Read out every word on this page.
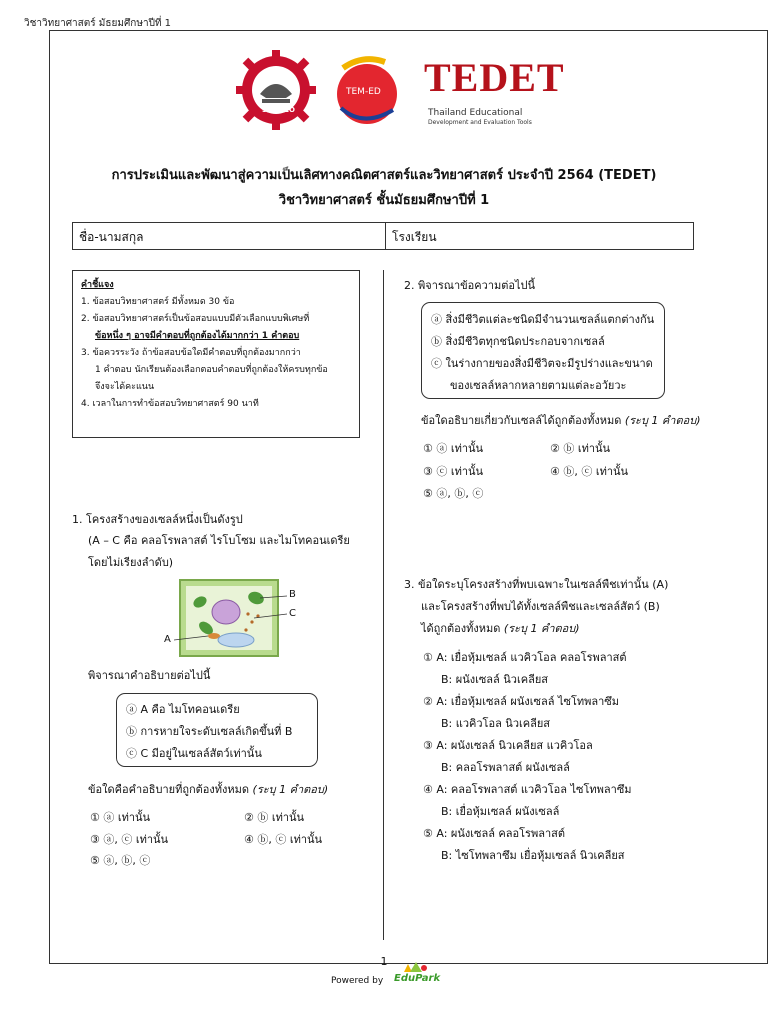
วิชาวิทยาศาสตร์ มัธยมศึกษาปีที่ 1
SEAMEO
TEM-ED TEDET
Thailand Educational
Development and Evaluation Tools
การประเมินและพัฒนาสู่ความเป็นเลิศทางคณิตศาสตร์และวิทยาศาสตร์ ประจำปี 2564 (TEDET)
วิชาวิทยาศาสตร์ ชั้นมัธยมศึกษาปีที่ 1
ชื่อ-นามสกุล	โรงเรียน
คำชี้แจง
1. ข้อสอบวิทยาศาสตร์ มีทั้งหมด 30 ข้อ
2. ข้อสอบวิทยาศาสตร์เป็นข้อสอบแบบมีตัวเลือกแบบพิเศษที่
ข้อหนึ่ง ๆ อาจมีคำตอบที่ถูกต้องได้มากกว่า 1 คำตอบ
3. ข้อควรระวัง ถ้าข้อสอบข้อใดมีคำตอบที่ถูกต้องมากกว่า
1 คำตอบ นักเรียนต้องเลือกตอบคำตอบที่ถูกต้องให้ครบทุกข้อ
จึงจะได้คะแนน
4. เวลาในการทำข้อสอบวิทยาศาสตร์ 90 นาที
1. โครงสร้างของเซลล์หนึ่งเป็นดังรูป
(A – C คือ คลอโรพลาสต์ ไรโบโซม และไมโทคอนเดรีย
โดยไม่เรียงลำดับ)
B
C
A
พิจารณาคำอธิบายต่อไปนี้
ⓐ A คือ ไมโทคอนเดรีย
ⓑ การหายใจระดับเซลล์เกิดขึ้นที่ B
ⓒ C มีอยู่ในเซลล์สัตว์เท่านั้น
ข้อใดคือคำอธิบายที่ถูกต้องทั้งหมด (ระบุ 1 คำตอบ)
① ⓐ เท่านั้น	② ⓑ เท่านั้น
③ ⓐ, ⓒ เท่านั้น	④ ⓑ, ⓒ เท่านั้น
⑤ ⓐ, ⓑ, ⓒ
2. พิจารณาข้อความต่อไปนี้
ⓐ สิ่งมีชีวิตแต่ละชนิดมีจำนวนเซลล์แตกต่างกัน
ⓑ สิ่งมีชีวิตทุกชนิดประกอบจากเซลล์
ⓒ ในร่างกายของสิ่งมีชีวิตจะมีรูปร่างและขนาด
ของเซลล์หลากหลายตามแต่ละอวัยวะ
ข้อใดอธิบายเกี่ยวกับเซลล์ได้ถูกต้องทั้งหมด (ระบุ 1 คำตอบ)
① ⓐ เท่านั้น	② ⓑ เท่านั้น
③ ⓒ เท่านั้น	④ ⓑ, ⓒ เท่านั้น
⑤ ⓐ, ⓑ, ⓒ
3. ข้อใดระบุโครงสร้างที่พบเฉพาะในเซลล์พืชเท่านั้น (A)
และโครงสร้างที่พบได้ทั้งเซลล์พืชและเซลล์สัตว์ (B)
ได้ถูกต้องทั้งหมด (ระบุ 1 คำตอบ)
① A: เยื่อหุ้มเซลล์ แวคิวโอล คลอโรพลาสต์
B: ผนังเซลล์ นิวเคลียส
② A: เยื่อหุ้มเซลล์ ผนังเซลล์ ไซโทพลาซึม
B: แวคิวโอล นิวเคลียส
③ A: ผนังเซลล์ นิวเคลียส แวคิวโอล
B: คลอโรพลาสต์ ผนังเซลล์
④ A: คลอโรพลาสต์ แวคิวโอล ไซโทพลาซึม
B: เยื่อหุ้มเซลล์ ผนังเซลล์
⑤ A: ผนังเซลล์ คลอโรพลาสต์
B: ไซโทพลาซึม เยื่อหุ้มเซลล์ นิวเคลียส
1
Powered by EduPark
